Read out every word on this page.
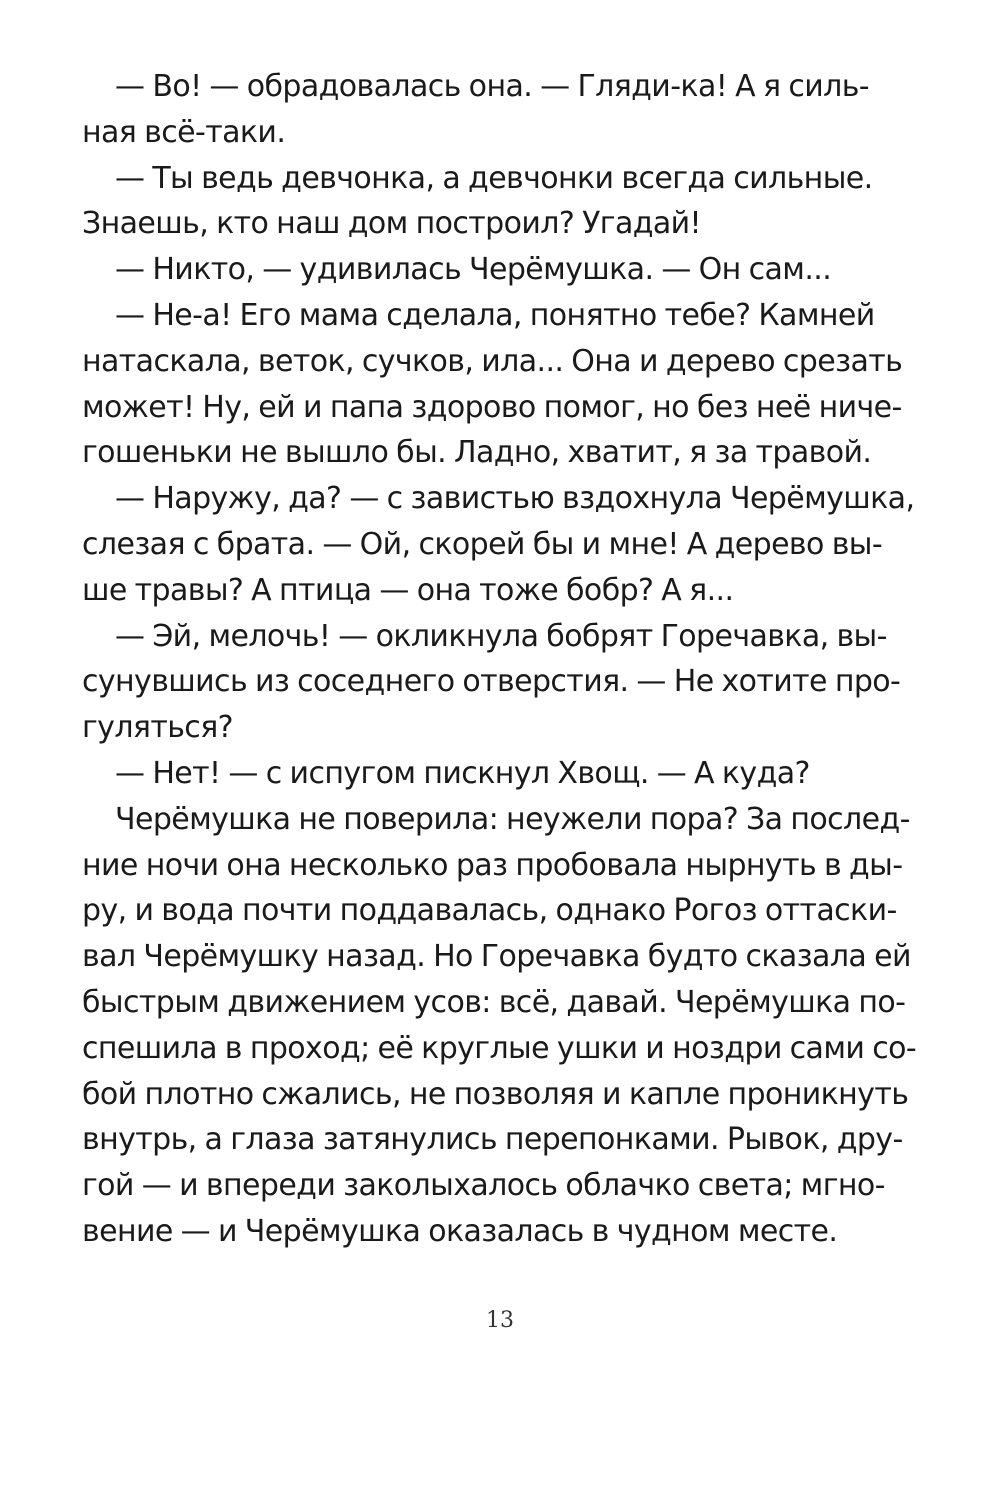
— Во! — обрадовалась она. — Гляди-ка! А я силь-
ная всё-таки.
— Ты ведь девчонка, а девчонки всегда сильные.
Знаешь, кто наш дом построил? Угадай!
— Никто, — удивилась Черёмушка. — Он сам...
— Не-а! Его мама сделала, понятно тебе? Камней
натаскала, веток, сучков, ила... Она и дерево срезать
может! Ну, ей и папа здорово помог, но без неё ниче-
гошеньки не вышло бы. Ладно, хватит, я за травой.
— Наружу, да? — с завистью вздохнула Черёмушка,
слезая с брата. — Ой, скорей бы и мне! А дерево вы-
ше травы? А птица — она тоже бобр? А я...
— Эй, мелочь! — окликнула бобрят Горечавка, вы-
сунувшись из соседнего отверстия. — Не хотите про-
гуляться?
— Нет! — с испугом пискнул Хвощ. — А куда?
Черёмушка не поверила: неужели пора? За послед-
ние ночи она несколько раз пробовала нырнуть в ды-
ру, и вода почти поддавалась, однако Рогоз оттаски-
вал Черёмушку назад. Но Горечавка будто сказала ей
быстрым движением усов: всё, давай. Черёмушка по-
спешила в проход; её круглые ушки и ноздри сами со-
бой плотно сжались, не позволяя и капле проникнуть
внутрь, а глаза затянулись перепонками. Рывок, дру-
гой — и впереди заколыхалось облачко света; мгно-
вение — и Черёмушка оказалась в чудном месте.
13
